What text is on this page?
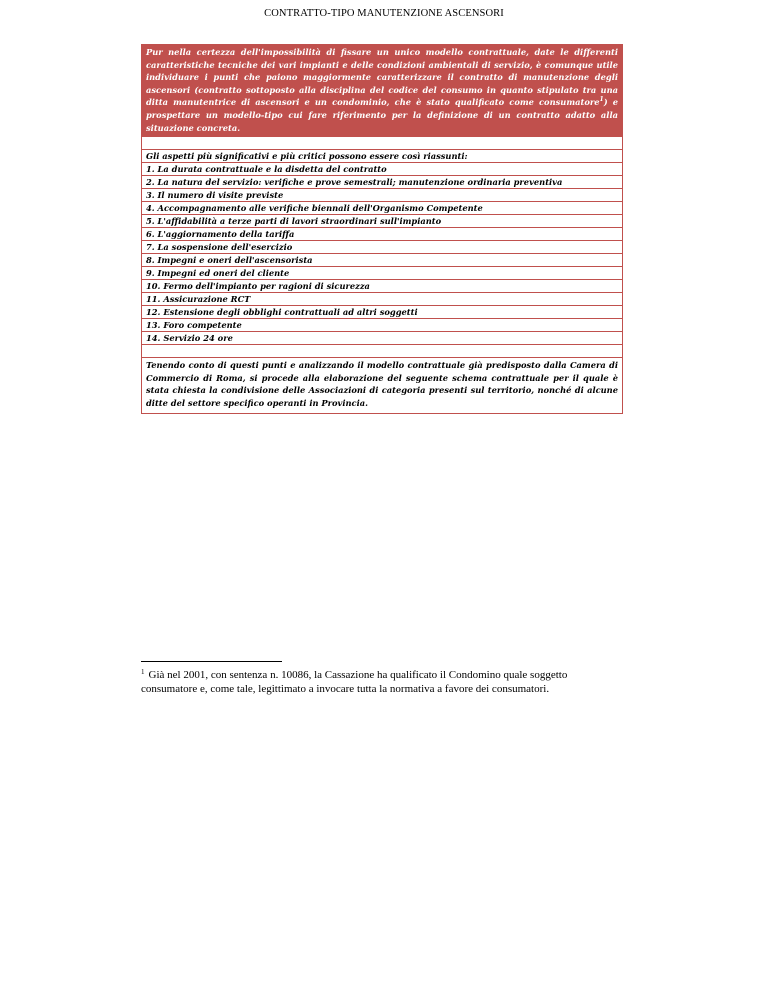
CONTRATTO-TIPO MANUTENZIONE ASCENSORI
Pur nella certezza dell'impossibilità di fissare un unico modello contrattuale, date le differenti caratteristiche tecniche dei vari impianti e delle condizioni ambientali di servizio, è comunque utile individuare i punti che paiono maggiormente caratterizzare il contratto di manutenzione degli ascensori (contratto sottoposto alla disciplina del codice del consumo in quanto stipulato tra una ditta manutentrice di ascensori e un condominio, che è stato qualificato come consumatore$^1$) e prospettare un modello-tipo cui fare riferimento per la definizione di un contratto adatto alla situazione concreta.
Gli aspetti più significativi e più critici possono essere così riassunti:
1. La durata contrattuale e la disdetta del contratto
2. La natura del servizio: verifiche e prove semestrali; manutenzione ordinaria preventiva
3. Il numero di visite previste
4. Accompagnamento alle verifiche biennali dell'Organismo Competente
5. L'affidabilità a terze parti di lavori straordinari sull'impianto
6. L'aggiornamento della tariffa
7. La sospensione dell'esercizio
8. Impegni e oneri dell'ascensorista
9. Impegni ed oneri del cliente
10. Fermo dell'impianto per ragioni di sicurezza
11. Assicurazione RCT
12. Estensione degli obblighi contrattuali ad altri soggetti
13. Foro competente
14. Servizio 24 ore
Tenendo conto di questi punti e analizzando il modello contrattuale già predisposto dalla Camera di Commercio di Roma, si procede alla elaborazione del seguente schema contrattuale per il quale è stata chiesta la condivisione delle Associazioni di categoria presenti sul territorio, nonché di alcune ditte del settore specifico operanti in Provincia.
$^1$ Già nel 2001, con sentenza n. 10086, la Cassazione ha qualificato il Condomino quale soggetto consumatore e, come tale, legittimato a invocare tutta la normativa a favore dei consumatori.
